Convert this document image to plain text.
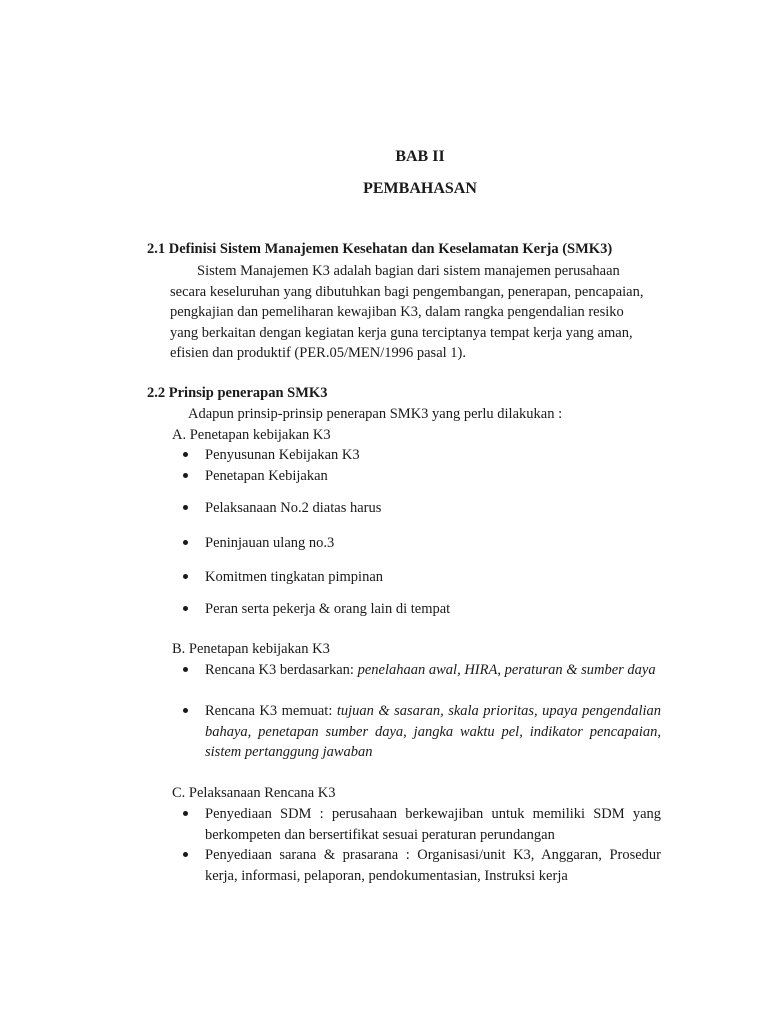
BAB II
PEMBAHASAN
2.1 Definisi Sistem Manajemen Kesehatan dan Keselamatan Kerja (SMK3)
Sistem Manajemen K3 adalah bagian dari sistem manajemen perusahaan
secara keseluruhan yang dibutuhkan bagi pengembangan, penerapan, pencapaian,
pengkajian dan pemeliharan kewajiban K3, dalam rangka pengendalian resiko
yang berkaitan dengan kegiatan kerja guna terciptanya tempat kerja yang aman,
efisien dan produktif (PER.05/MEN/1996 pasal 1).
2.2 Prinsip penerapan SMK3
Adapun prinsip-prinsip penerapan SMK3 yang perlu dilakukan :
A. Penetapan kebijakan K3
Penyusunan Kebijakan K3
Penetapan Kebijakan
Pelaksanaan No.2 diatas harus
Peninjauan ulang no.3
Komitmen tingkatan pimpinan
Peran serta pekerja & orang lain di tempat
B. Penetapan kebijakan K3
Rencana K3 berdasarkan: penelahaan awal, HIRA, peraturan & sumber daya
Rencana K3 memuat: tujuan & sasaran, skala prioritas, upaya pengendalian bahaya, penetapan sumber daya, jangka waktu pel, indikator pencapaian, sistem pertanggung jawaban
C. Pelaksanaan Rencana K3
Penyediaan SDM : perusahaan berkewajiban untuk memiliki SDM yang berkompeten dan bersertifikat sesuai peraturan perundangan
Penyediaan sarana & prasarana : Organisasi/unit K3, Anggaran, Prosedur kerja, informasi, pelaporan, pendokumentasian, Instruksi kerja
